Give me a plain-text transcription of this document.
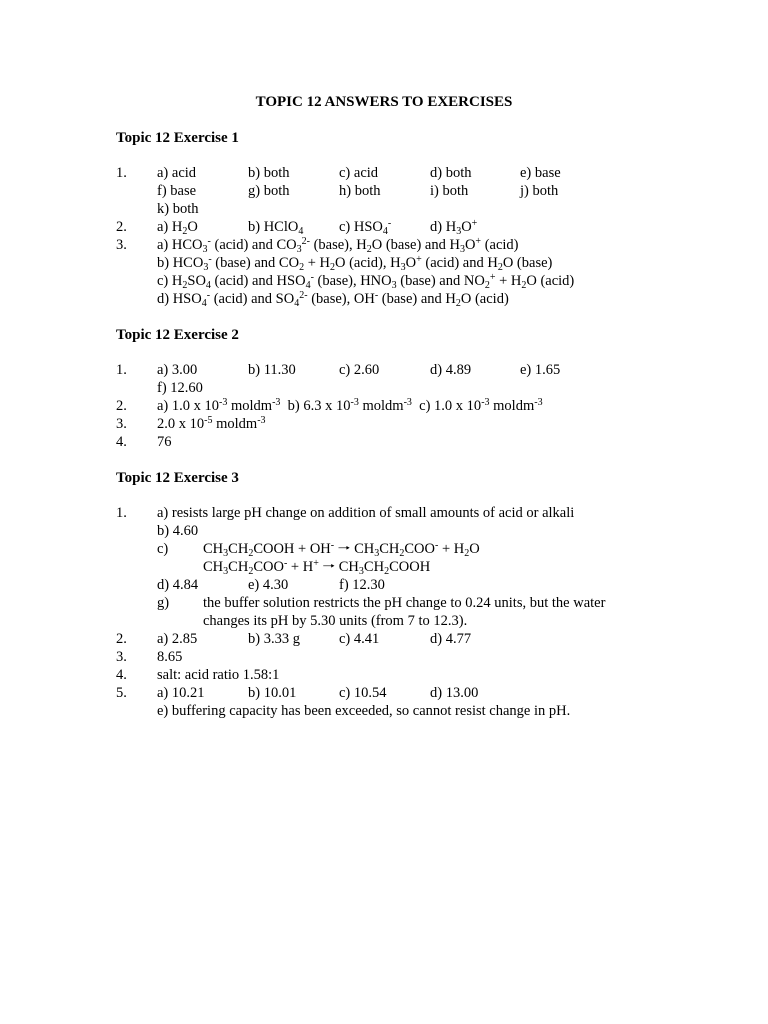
TOPIC 12 ANSWERS TO EXERCISES
Topic 12 Exercise 1
1. a) acid	b) both	c) acid	d) both	e) base
f) base	g) both	h) both	i) both	j) both
k) both
2. a) $H_2O$	b) HClO$_4$ c) $HSO_4^-$	d) $H_3O^+$
3. a) $HCO_3^-$ (acid) and $CO_3^{2-}$ (base), $H_2O$ (base) and $H_3O^+$ (acid)
b) $HCO_3^-$ (base) and $CO_2 + H_2O$ (acid), $H_3O^+$ (acid) and $H_2O$ (base)
c) $H_2SO_4$ (acid) and $HSO_4^-$ (base), $HNO_3$ (base) and $NO_2^+ + H_2O$ (acid)
d) $HSO_4^-$ (acid) and $SO_4^{2-}$ (base), OH- (base) and $H_2O$ (acid)
Topic 12 Exercise 2
1. a) 3.00	b) 11.30	c) 2.60	d) 4.89	e) 1.65
f) 12.60
2. a) 1.0 x $10^{-3}$ moldm$^{-3}$  b) 6.3 x $10^{-3}$ moldm$^{-3}$  c) 1.0 x $10^{-3}$ moldm$^{-3}$
3. 2.0 x $10^{-5}$ moldm$^{-3}$
4. 76
Topic 12 Exercise 3
1. a) resists large pH change on addition of small amounts of acid or alkali
b) 4.60
c) $CH_3CH_2COOH + OH^-$ 🠒 $CH_3CH_2COO^- + H_2O$
$CH_3CH_2COO^- + H^+$ 🠒 $CH_3CH_2COOH$
d) 4.84	e) 4.30	f) 12.30
g) the buffer solution restricts the pH change to 0.24 units, but the water
changes its pH by 5.30 units (from 7 to 12.3).
2. a) 2.85	b) 3.33 g	c) 4.41	d) 4.77
3. 8.65
4. salt: acid ratio 1.58:1
5. a) 10.21	b) 10.01	c) 10.54	d) 13.00
e) buffering capacity has been exceeded, so cannot resist change in pH.
